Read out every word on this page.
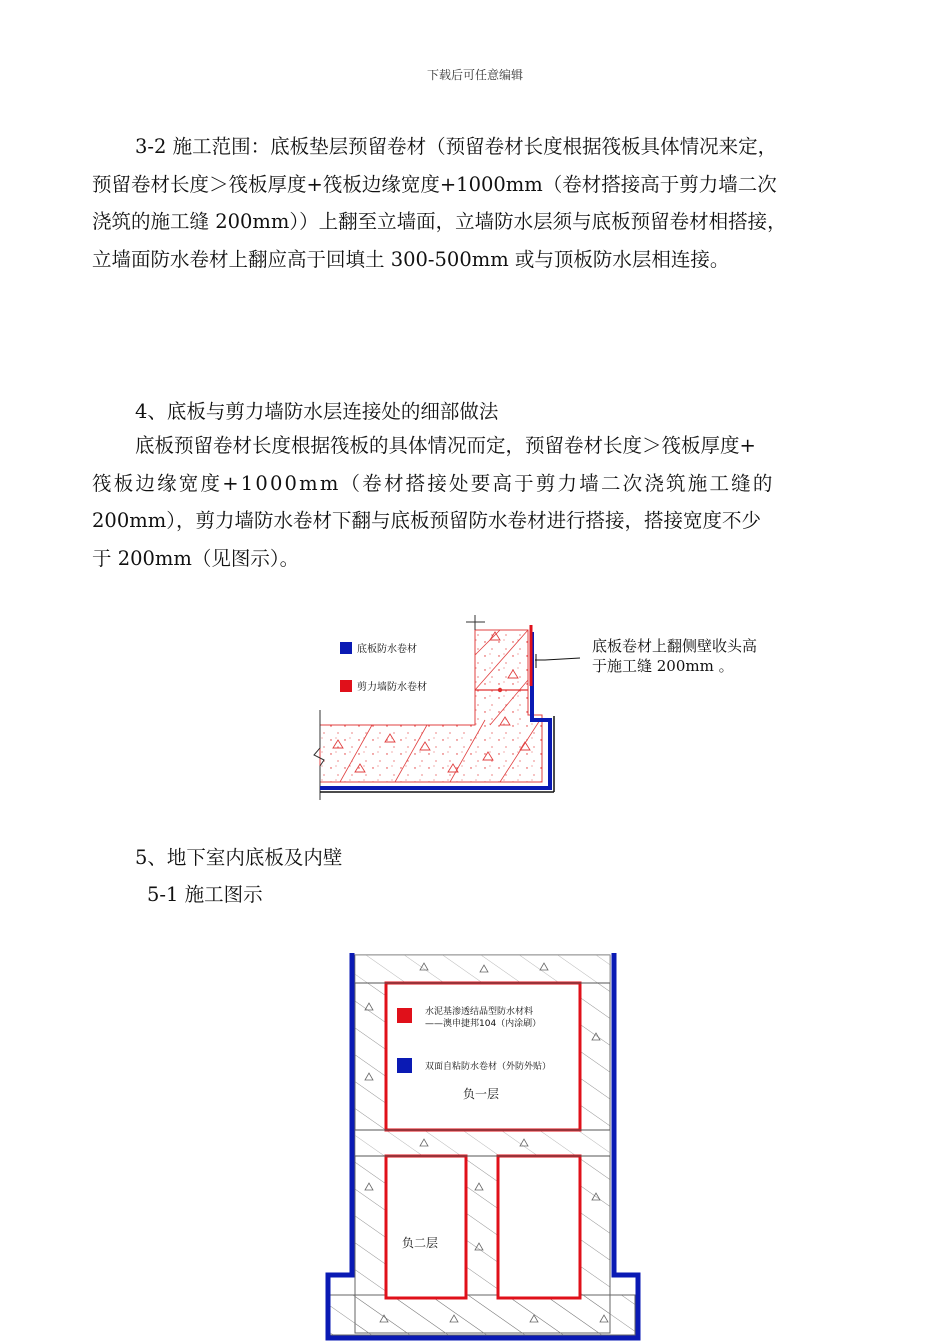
下载后可任意编辑

3-2 施工范围：底板垫层预留卷材（预留卷材长度根据筏板具体情况来定，

预留卷材长度＞筏板厚度+筏板边缘宽度+1000mm（卷材搭接高于剪力墙二次

浇筑的施工缝 200mm））上翻至立墙面，立墙防水层须与底板预留卷材相搭接，

立墙面防水卷材上翻应高于回填土 300-500mm 或与顶板防水层相连接。

4、底板与剪力墙防水层连接处的细部做法

底板预留卷材长度根据筏板的具体情况而定，预留卷材长度＞筏板厚度+

筏板边缘宽度+1000mm（卷材搭接处要高于剪力墙二次浇筑施工缝的

200mm），剪力墙防水卷材下翻与底板预留防水卷材进行搭接，搭接宽度不少

于 200mm（见图示）。

底板防水卷材
剪力墙防水卷材
底板卷材上翻侧壁收头高
于施工缝 200mm 。
5、地下室内底板及内壁
5-1 施工图示
水泥基渗透结晶型防水材料
——澳申捷邦104（内涂刷）
双面自粘防水卷材（外防外贴）
负一层
负二层
